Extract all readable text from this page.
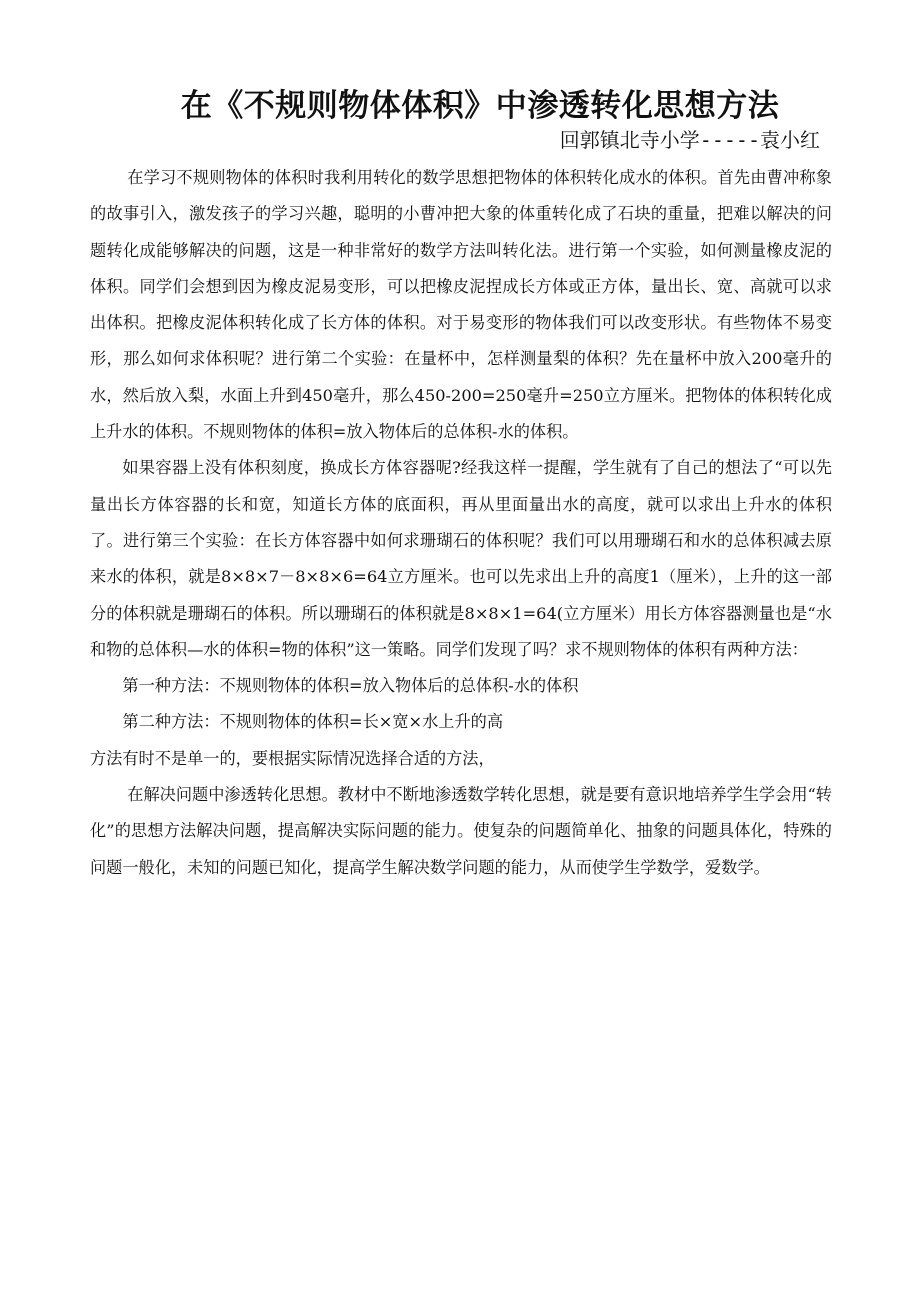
在《不规则物体体积》中渗透转化思想方法
回郭镇北寺小学-----袁小红

在学习不规则物体的体积时我利用转化的数学思想把物体的体积转化成水的体积。首先由曹冲称象的故事引入，激发孩子的学习兴趣，聪明的小曹冲把大象的体重转化成了石块的重量，把难以解决的问题转化成能够解决的问题，这是一种非常好的数学方法叫转化法。进行第一个实验，如何测量橡皮泥的体积。同学们会想到因为橡皮泥易变形，可以把橡皮泥捏成长方体或正方体，量出长、宽、高就可以求出体积。把橡皮泥体积转化成了长方体的体积。对于易变形的物体我们可以改变形状。有些物体不易变形，那么如何求体积呢？进行第二个实验：在量杯中，怎样测量梨的体积？先在量杯中放入200毫升的水，然后放入梨，水面上升到450毫升，那么450-200=250毫升=250立方厘米。把物体的体积转化成上升水的体积。不规则物体的体积=放入物体后的总体积-水的体积。

如果容器上没有体积刻度，换成长方体容器呢?经我这样一提醒，学生就有了自己的想法了“可以先量出长方体容器的长和宽，知道长方体的底面积，再从里面量出水的高度，就可以求出上升水的体积了。进行第三个实验：在长方体容器中如何求珊瑚石的体积呢？我们可以用珊瑚石和水的总体积减去原来水的体积，就是8×8×7－8×8×6=64立方厘米。也可以先求出上升的高度1（厘米），上升的这一部分的体积就是珊瑚石的体积。所以珊瑚石的体积就是8×8×1=64(立方厘米）用长方体容器测量也是“水和物的总体积—水的体积=物的体积”这一策略。同学们发现了吗？求不规则物体的体积有两种方法：

第一种方法：不规则物体的体积=放入物体后的总体积-水的体积

第二种方法：不规则物体的体积=长×宽×水上升的高

方法有时不是单一的，要根据实际情况选择合适的方法，

在解决问题中渗透转化思想。教材中不断地渗透数学转化思想，就是要有意识地培养学生学会用“转化”的思想方法解决问题，提高解决实际问题的能力。使复杂的问题简单化、抽象的问题具体化，特殊的问题一般化，未知的问题已知化，提高学生解决数学问题的能力，从而使学生学数学，爱数学。
